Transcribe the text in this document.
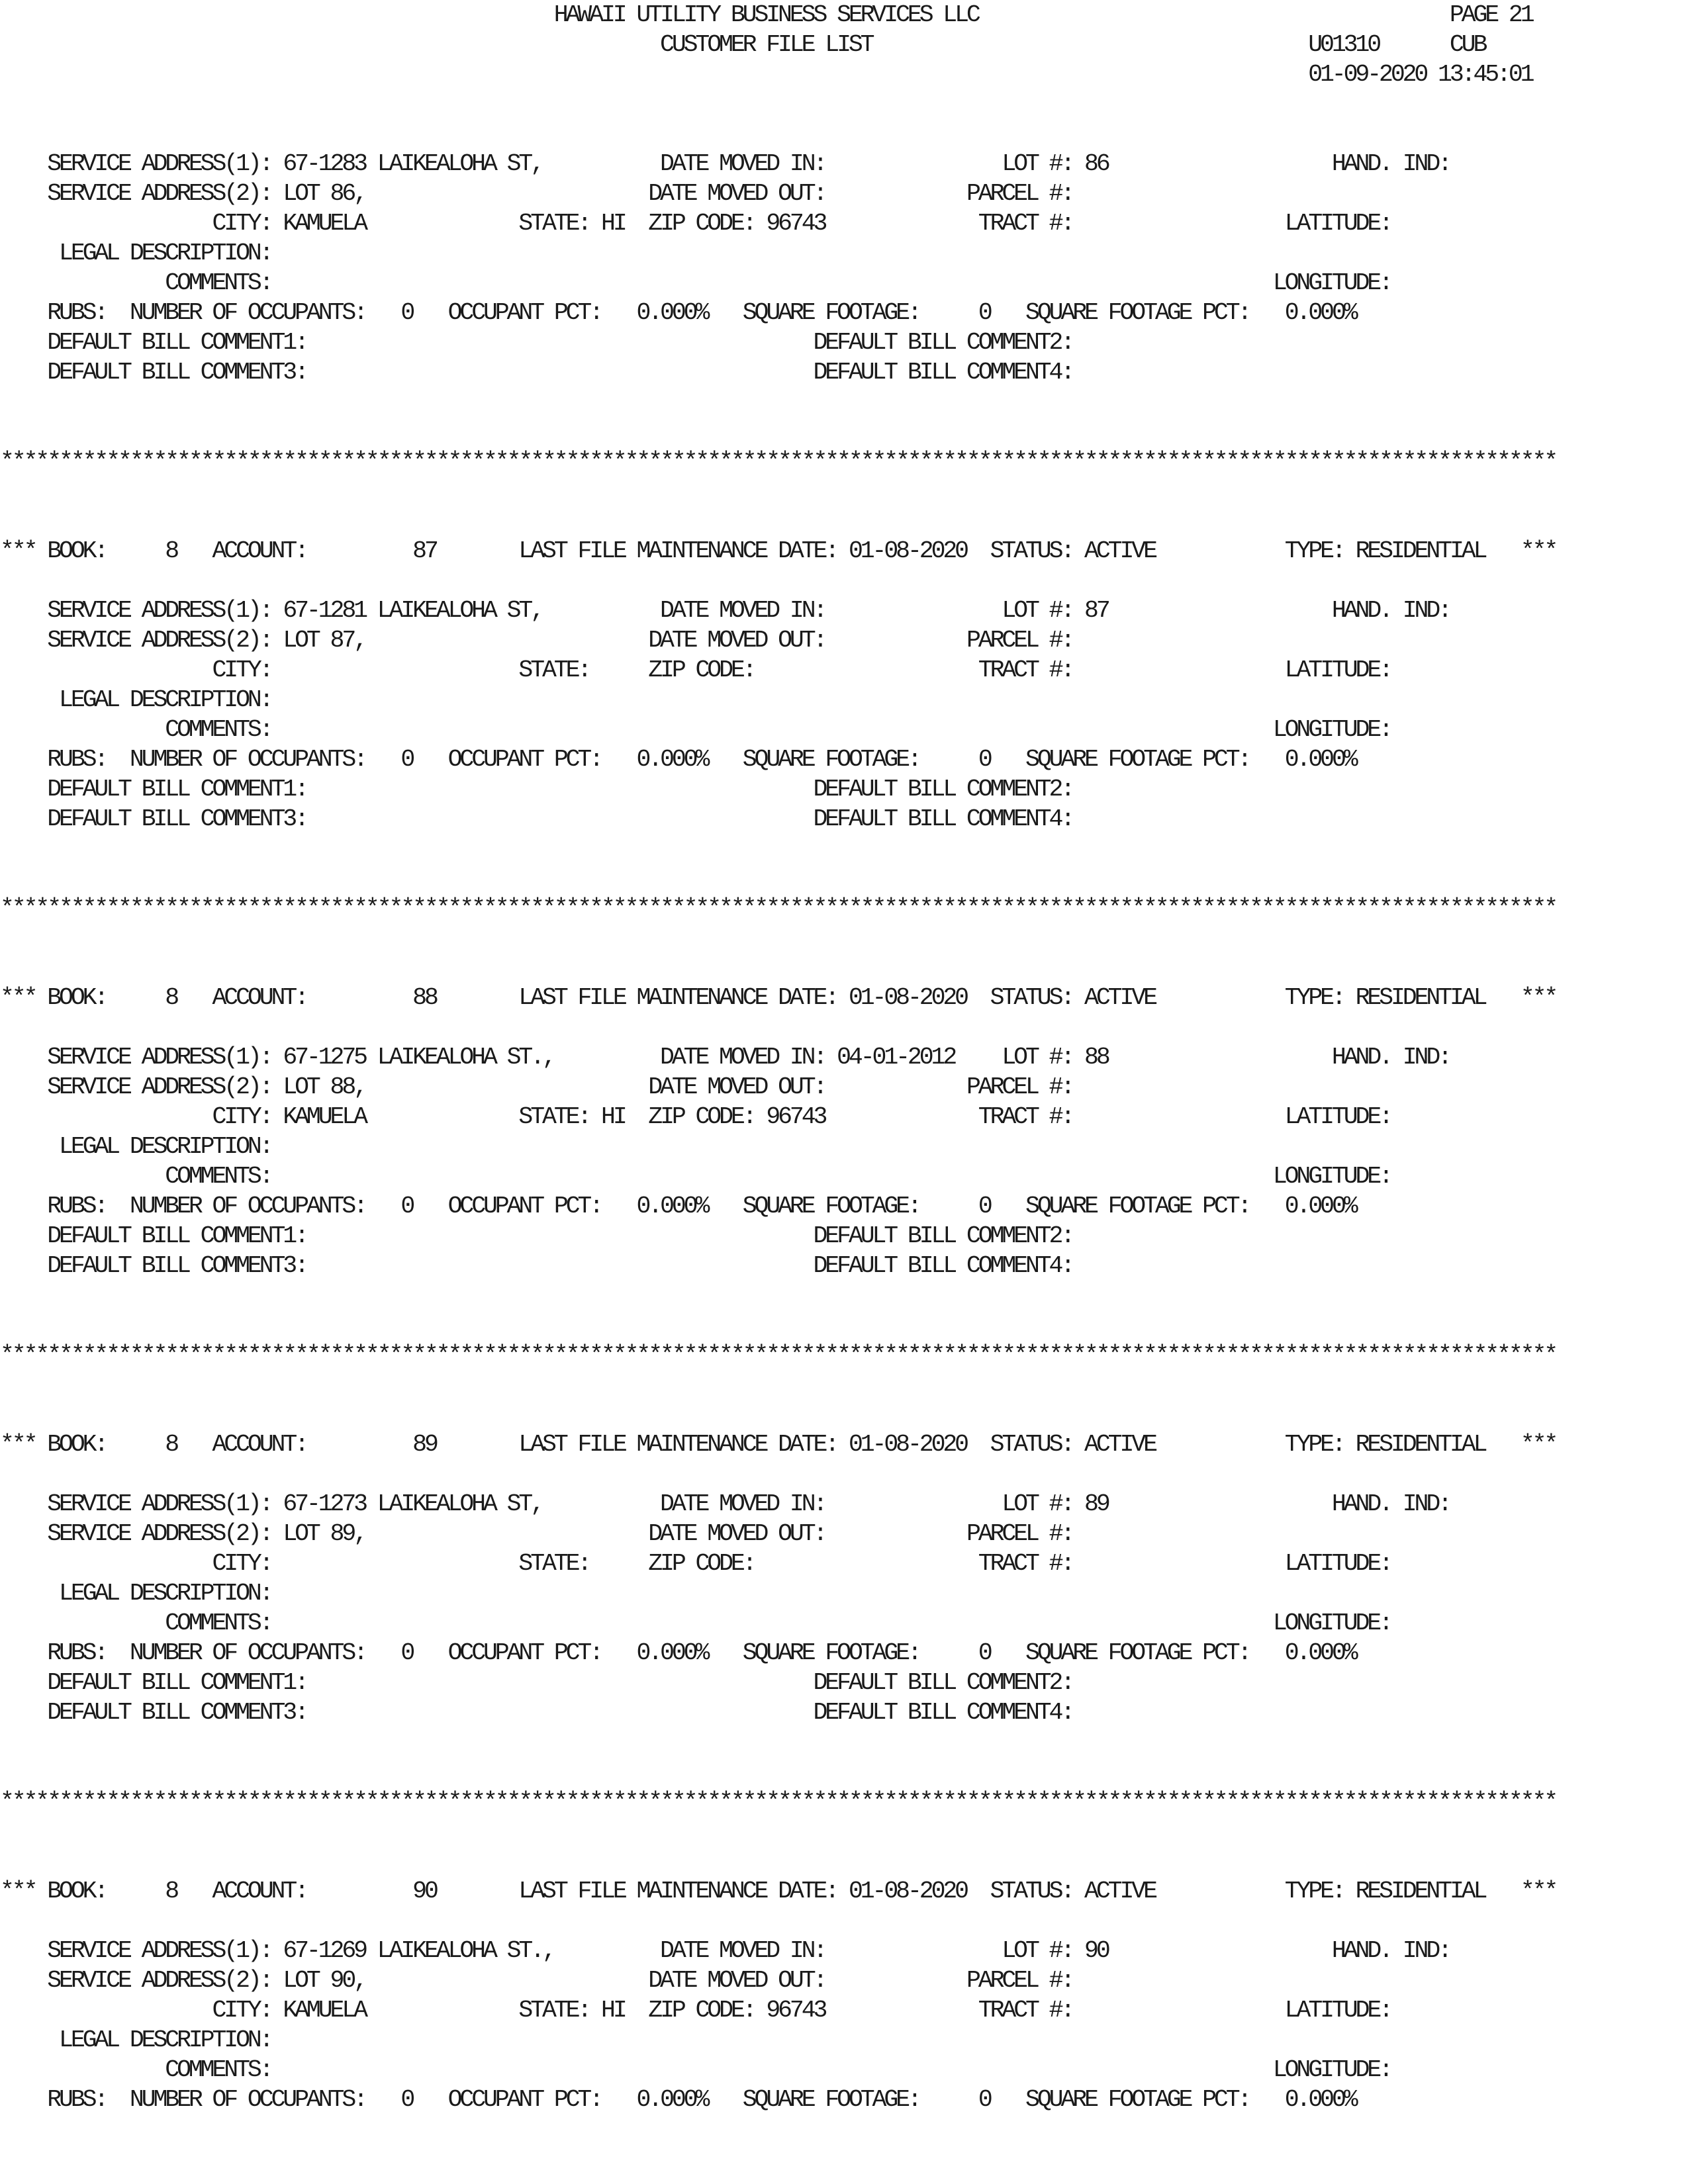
HAWAII UTILITY BUSINESS SERVICES LLC	PAGE 21
CUSTOMER FILE LIST	U01310	CUB
01-09-2020 13:45:01
SERVICE ADDRESS(1): 67-1283 LAIKEALOHA ST,	DATE MOVED IN:	LOT #: 86	HAND. IND:
SERVICE ADDRESS(2): LOT 86,	DATE MOVED OUT:	PARCEL #:
CITY: KAMUELA	STATE: HI ZIP CODE: 96743	TRACT #:	LATITUDE:
LEGAL DESCRIPTION:
COMMENTS:	LONGITUDE:
RUBS: NUMBER OF OCCUPANTS: 0 OCCUPANT PCT: 0.000% SQUARE FOOTAGE: 0 SQUARE FOOTAGE PCT: 0.000%
DEFAULT BILL COMMENT1:	DEFAULT BILL COMMENT2:
DEFAULT BILL COMMENT3:	DEFAULT BILL COMMENT4:
************************************************************************************************************************************
*** BOOK: 8 ACCOUNT:	87	LAST FILE MAINTENANCE DATE: 01-08-2020 STATUS: ACTIVE	TYPE: RESIDENTIAL ***
SERVICE ADDRESS(1): 67-1281 LAIKEALOHA ST,	DATE MOVED IN:	LOT #: 87	HAND. IND:
SERVICE ADDRESS(2): LOT 87,	DATE MOVED OUT:	PARCEL #:
CITY:	STATE: ZIP CODE:	TRACT #:	LATITUDE:
LEGAL DESCRIPTION:
COMMENTS:	LONGITUDE:
RUBS: NUMBER OF OCCUPANTS: 0 OCCUPANT PCT: 0.000% SQUARE FOOTAGE: 0 SQUARE FOOTAGE PCT: 0.000%
DEFAULT BILL COMMENT1:	DEFAULT BILL COMMENT2:
DEFAULT BILL COMMENT3:	DEFAULT BILL COMMENT4:
************************************************************************************************************************************
*** BOOK: 8 ACCOUNT:	88	LAST FILE MAINTENANCE DATE: 01-08-2020 STATUS: ACTIVE	TYPE: RESIDENTIAL ***
SERVICE ADDRESS(1): 67-1275 LAIKEALOHA ST.,	DATE MOVED IN: 04-01-2012 LOT #: 88	HAND. IND:
SERVICE ADDRESS(2): LOT 88,	DATE MOVED OUT:	PARCEL #:
CITY: KAMUELA	STATE: HI ZIP CODE: 96743	TRACT #:	LATITUDE:
LEGAL DESCRIPTION:
COMMENTS:	LONGITUDE:
RUBS: NUMBER OF OCCUPANTS: 0 OCCUPANT PCT: 0.000% SQUARE FOOTAGE: 0 SQUARE FOOTAGE PCT: 0.000%
DEFAULT BILL COMMENT1:	DEFAULT BILL COMMENT2:
DEFAULT BILL COMMENT3:	DEFAULT BILL COMMENT4:
************************************************************************************************************************************
*** BOOK: 8 ACCOUNT:	89	LAST FILE MAINTENANCE DATE: 01-08-2020 STATUS: ACTIVE	TYPE: RESIDENTIAL ***
SERVICE ADDRESS(1): 67-1273 LAIKEALOHA ST,	DATE MOVED IN:	LOT #: 89	HAND. IND:
SERVICE ADDRESS(2): LOT 89,	DATE MOVED OUT:	PARCEL #:
CITY:	STATE: ZIP CODE:	TRACT #:	LATITUDE:
LEGAL DESCRIPTION:
COMMENTS:	LONGITUDE:
RUBS: NUMBER OF OCCUPANTS: 0 OCCUPANT PCT: 0.000% SQUARE FOOTAGE: 0 SQUARE FOOTAGE PCT: 0.000%
DEFAULT BILL COMMENT1:	DEFAULT BILL COMMENT2:
DEFAULT BILL COMMENT3:	DEFAULT BILL COMMENT4:
************************************************************************************************************************************
*** BOOK: 8 ACCOUNT:	90	LAST FILE MAINTENANCE DATE: 01-08-2020 STATUS: ACTIVE	TYPE: RESIDENTIAL ***
SERVICE ADDRESS(1): 67-1269 LAIKEALOHA ST.,	DATE MOVED IN:	LOT #: 90	HAND. IND:
SERVICE ADDRESS(2): LOT 90,	DATE MOVED OUT:	PARCEL #:
CITY: KAMUELA	STATE: HI ZIP CODE: 96743	TRACT #:	LATITUDE:
LEGAL DESCRIPTION:
COMMENTS:	LONGITUDE:
RUBS: NUMBER OF OCCUPANTS: 0 OCCUPANT PCT: 0.000% SQUARE FOOTAGE: 0 SQUARE FOOTAGE PCT: 0.000%
